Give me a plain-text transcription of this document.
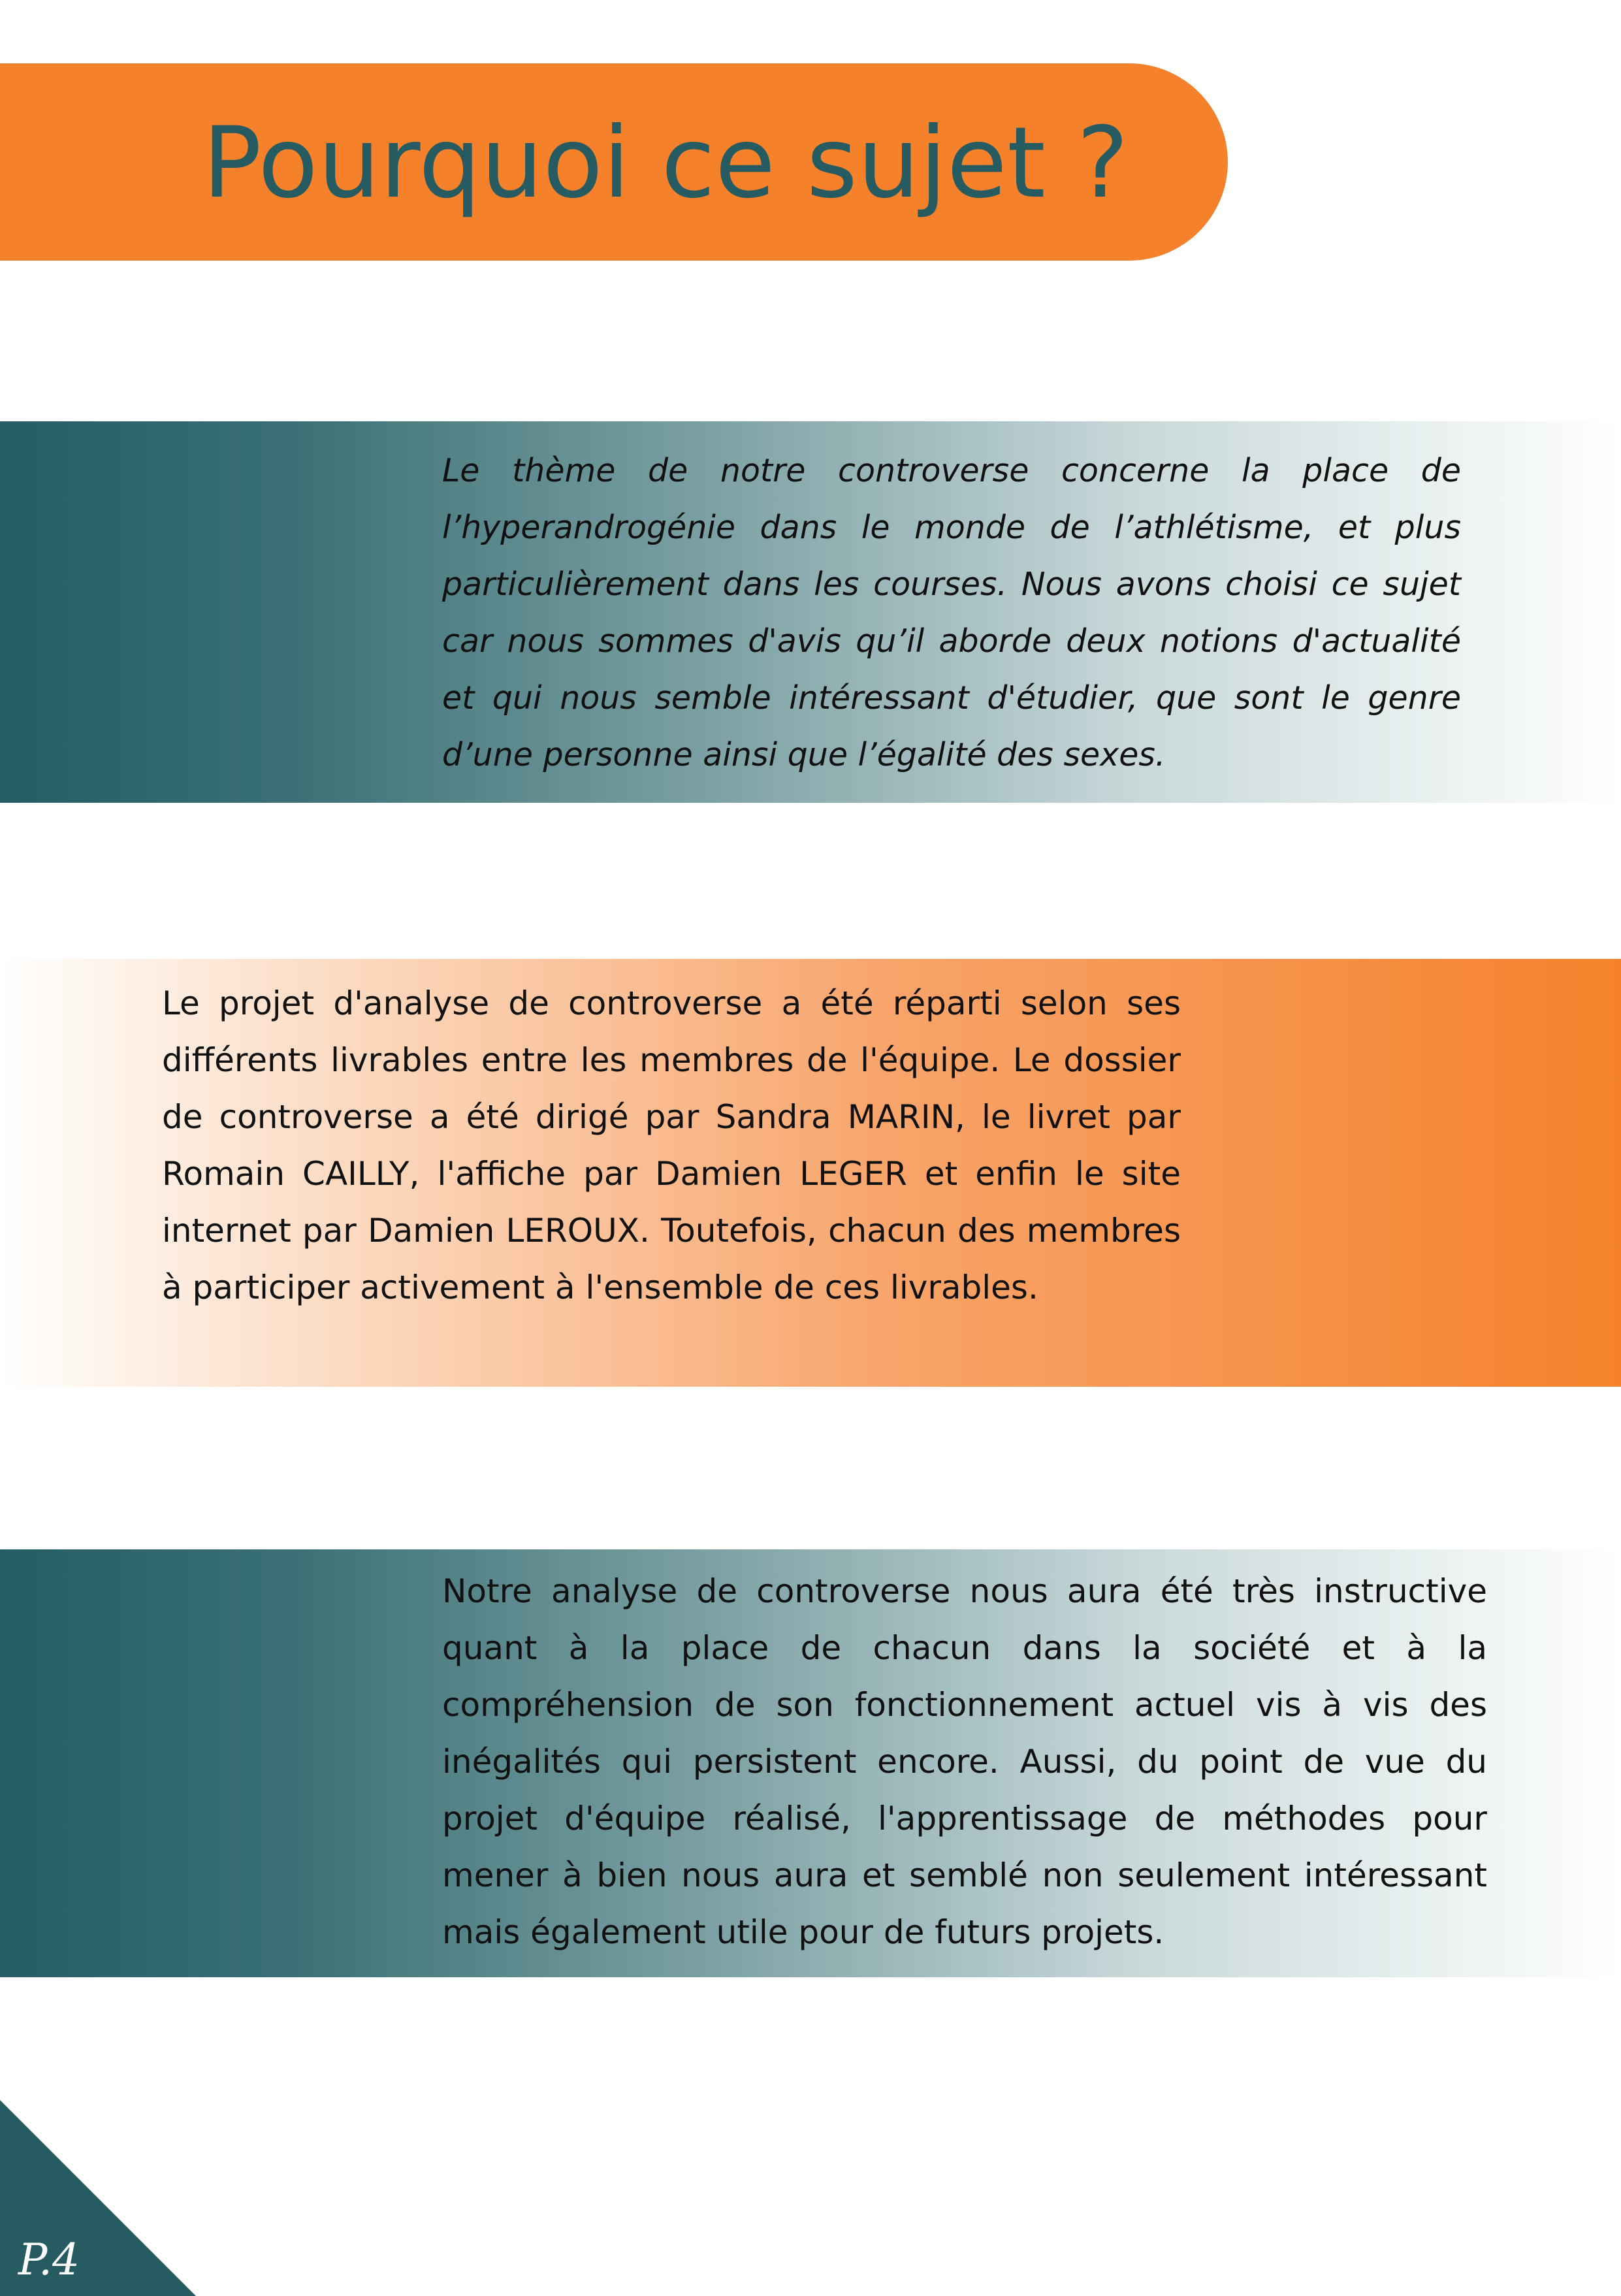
Pourquoi ce sujet ?

Le thème de notre controverse concerne la place de l’hyperandrogénie dans le monde de l’athlétisme, et plus particulièrement dans les courses. Nous avons choisi ce sujet car nous sommes d'avis qu’il aborde deux notions d'actualité et qui nous semble intéressant d'étudier, que sont le genre d’une personne ainsi que l’égalité des sexes.

Le projet d'analyse de controverse a été réparti selon ses différents livrables entre les membres de l'équipe. Le dossier de controverse a été dirigé par Sandra MARIN, le livret par Romain CAILLY, l'affiche par Damien LEGER et enfin le site internet par Damien LEROUX. Toutefois, chacun des membres à participer activement à l'ensemble de ces livrables.

Notre analyse de controverse nous aura été très instructive quant à la place de chacun dans la société et à la compréhension de son fonctionnement actuel vis à vis des inégalités qui persistent encore. Aussi, du point de vue du projet d'équipe réalisé, l'apprentissage de méthodes pour mener à bien nous aura et semblé non seulement intéressant mais également utile pour de futurs projets.

P.4
